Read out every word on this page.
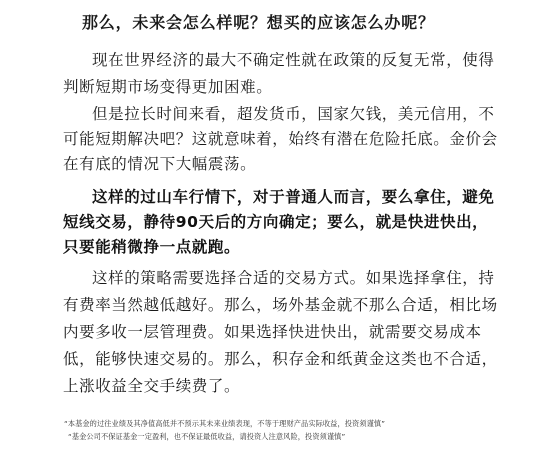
那么，未来会怎么样呢？想买的应该怎么办呢？
现在世界经济的最大不确定性就在政策的反复无常，使得
判断短期市场变得更加困难。
但是拉长时间来看，超发货币，国家欠钱，美元信用，不
可能短期解决吧？这就意味着，始终有潜在危险托底。金价会
在有底的情况下大幅震荡。
这样的过山车行情下，对于普通人而言，要么拿住，避免
短线交易，静待90天后的方向确定；要么，就是快进快出，
只要能稍微挣一点就跑。
这样的策略需要选择合适的交易方式。如果选择拿住，持
有费率当然越低越好。那么，场外基金就不那么合适，相比场
内要多收一层管理费。如果选择快进快出，就需要交易成本
低，能够快速交易的。那么，积存金和纸黄金这类也不合适，
上涨收益全交手续费了。
“本基金的过往业绩及其净值高低并不预示其未来业绩表现，不等于理财产品实际收益，投资须谨慎”
“基金公司不保证基金一定盈利，也不保证最低收益，请投资人注意风险，投资须谨慎”
